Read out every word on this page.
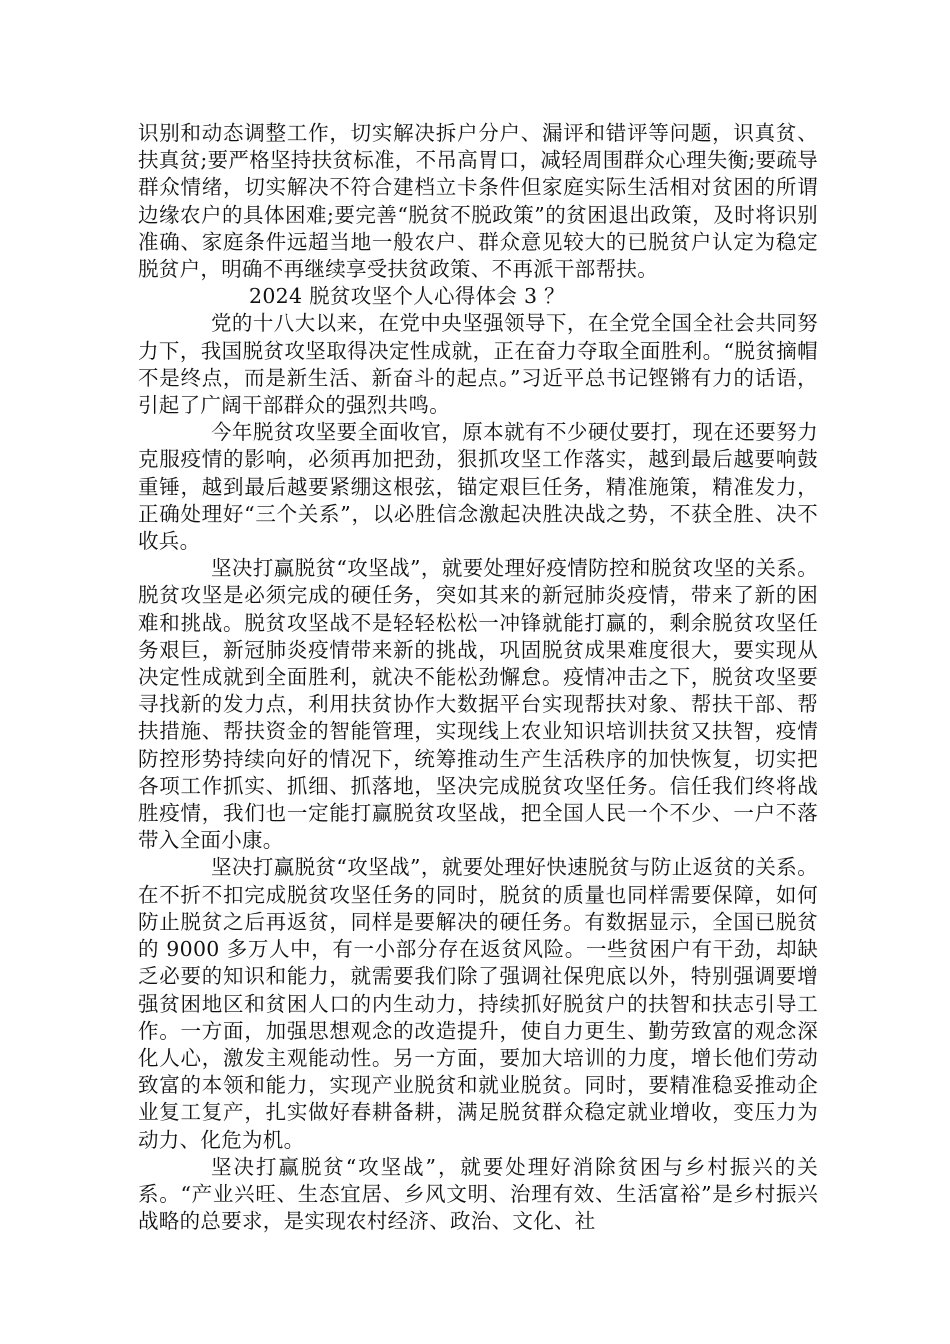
识别和动态调整工作，切实解决拆户分户、漏评和错评等问题，识真贫、扶真贫;要严格坚持扶贫标准，不吊高胃口，减轻周围群众心理失衡;要疏导群众情绪，切实解决不符合建档立卡条件但家庭实际生活相对贫困的所谓边缘农户的具体困难;要完善“脱贫不脱政策”的贫困退出政策，及时将识别准确、家庭条件远超当地一般农户、群众意见较大的已脱贫户认定为稳定脱贫户，明确不再继续享受扶贫政策、不再派干部帮扶。

2024 脱贫攻坚个人心得体会 3 ？

党的十八大以来，在党中央坚强领导下，在全党全国全社会共同努力下，我国脱贫攻坚取得决定性成就，正在奋力夺取全面胜利。“脱贫摘帽不是终点，而是新生活、新奋斗的起点。”习近平总书记铿锵有力的话语，引起了广阔干部群众的强烈共鸣。

今年脱贫攻坚要全面收官，原本就有不少硬仗要打，现在还要努力克服疫情的影响，必须再加把劲，狠抓攻坚工作落实，越到最后越要响鼓重锤，越到最后越要紧绷这根弦，锚定艰巨任务，精准施策，精准发力，正确处理好“三个关系”，以必胜信念激起决胜决战之势，不获全胜、决不收兵。

坚决打赢脱贫“攻坚战”，就要处理好疫情防控和脱贫攻坚的关系。脱贫攻坚是必须完成的硬任务，突如其来的新冠肺炎疫情，带来了新的困难和挑战。脱贫攻坚战不是轻轻松松一冲锋就能打赢的，剩余脱贫攻坚任务艰巨，新冠肺炎疫情带来新的挑战，巩固脱贫成果难度很大，要实现从决定性成就到全面胜利，就决不能松劲懈怠。疫情冲击之下，脱贫攻坚要寻找新的发力点，利用扶贫协作大数据平台实现帮扶对象、帮扶干部、帮扶措施、帮扶资金的智能管理，实现线上农业知识培训扶贫又扶智，疫情防控形势持续向好的情况下，统筹推动生产生活秩序的加快恢复，切实把各项工作抓实、抓细、抓落地，坚决完成脱贫攻坚任务。信任我们终将战胜疫情，我们也一定能打赢脱贫攻坚战，把全国人民一个不少、一户不落带入全面小康。

坚决打赢脱贫“攻坚战”，就要处理好快速脱贫与防止返贫的关系。在不折不扣完成脱贫攻坚任务的同时，脱贫的质量也同样需要保障，如何防止脱贫之后再返贫，同样是要解决的硬任务。有数据显示，全国已脱贫的 9000 多万人中，有一小部分存在返贫风险。一些贫困户有干劲，却缺乏必要的知识和能力，就需要我们除了强调社保兜底以外，特别强调要增强贫困地区和贫困人口的内生动力，持续抓好脱贫户的扶智和扶志引导工作。一方面，加强思想观念的改造提升，使自力更生、勤劳致富的观念深化人心，激发主观能动性。另一方面，要加大培训的力度，增长他们劳动致富的本领和能力，实现产业脱贫和就业脱贫。同时，要精准稳妥推动企业复工复产，扎实做好春耕备耕，满足脱贫群众稳定就业增收，变压力为动力、化危为机。

坚决打赢脱贫“攻坚战”，就要处理好消除贫困与乡村振兴的关系。“产业兴旺、生态宜居、乡风文明、治理有效、生活富裕”是乡村振兴战略的总要求，是实现农村经济、政治、文化、社
